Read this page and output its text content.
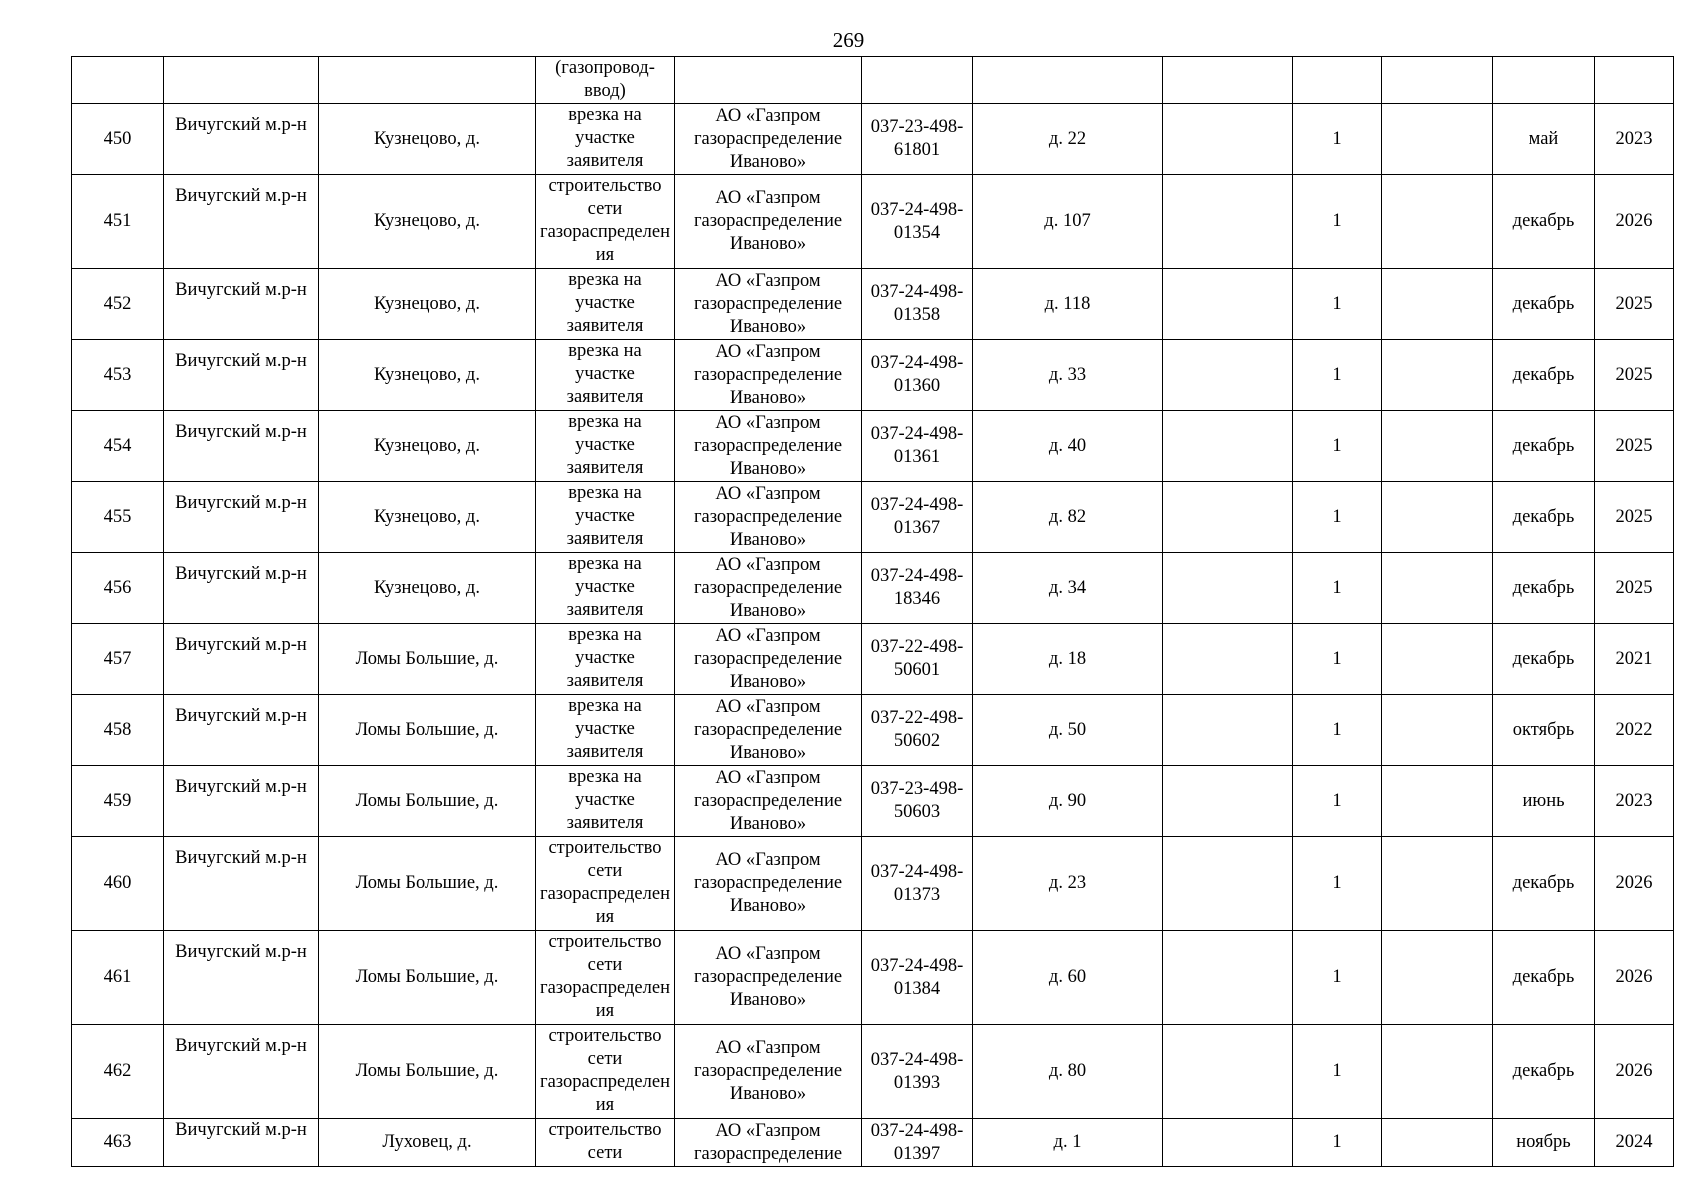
269
			(газопровод-ввод)								
450	Вичугский м.р-н	Кузнецово, д.	врезка на участке заявителя	АО «Газпром газораспределение Иваново»	037-23-498-61801	д. 22		1		май	2023
451	Вичугский м.р-н	Кузнецово, д.	строительство сети газораспределения	АО «Газпром газораспределение Иваново»	037-24-498-01354	д. 107		1		декабрь	2026
452	Вичугский м.р-н	Кузнецово, д.	врезка на участке заявителя	АО «Газпром газораспределение Иваново»	037-24-498-01358	д. 118		1		декабрь	2025
453	Вичугский м.р-н	Кузнецово, д.	врезка на участке заявителя	АО «Газпром газораспределение Иваново»	037-24-498-01360	д. 33		1		декабрь	2025
454	Вичугский м.р-н	Кузнецово, д.	врезка на участке заявителя	АО «Газпром газораспределение Иваново»	037-24-498-01361	д. 40		1		декабрь	2025
455	Вичугский м.р-н	Кузнецово, д.	врезка на участке заявителя	АО «Газпром газораспределение Иваново»	037-24-498-01367	д. 82		1		декабрь	2025
456	Вичугский м.р-н	Кузнецово, д.	врезка на участке заявителя	АО «Газпром газораспределение Иваново»	037-24-498-18346	д. 34		1		декабрь	2025
457	Вичугский м.р-н	Ломы Большие, д.	врезка на участке заявителя	АО «Газпром газораспределение Иваново»	037-22-498-50601	д. 18		1		декабрь	2021
458	Вичугский м.р-н	Ломы Большие, д.	врезка на участке заявителя	АО «Газпром газораспределение Иваново»	037-22-498-50602	д. 50		1		октябрь	2022
459	Вичугский м.р-н	Ломы Большие, д.	врезка на участке заявителя	АО «Газпром газораспределение Иваново»	037-23-498-50603	д. 90		1		июнь	2023
460	Вичугский м.р-н	Ломы Большие, д.	строительство сети газораспределения	АО «Газпром газораспределение Иваново»	037-24-498-01373	д. 23		1		декабрь	2026
461	Вичугский м.р-н	Ломы Большие, д.	строительство сети газораспределения	АО «Газпром газораспределение Иваново»	037-24-498-01384	д. 60		1		декабрь	2026
462	Вичугский м.р-н	Ломы Большие, д.	строительство сети газораспределения	АО «Газпром газораспределение Иваново»	037-24-498-01393	д. 80		1		декабрь	2026
463	Вичугский м.р-н	Луховец, д.	строительство сети	АО «Газпром газораспределение	037-24-498-01397	д. 1		1		ноябрь	2024
